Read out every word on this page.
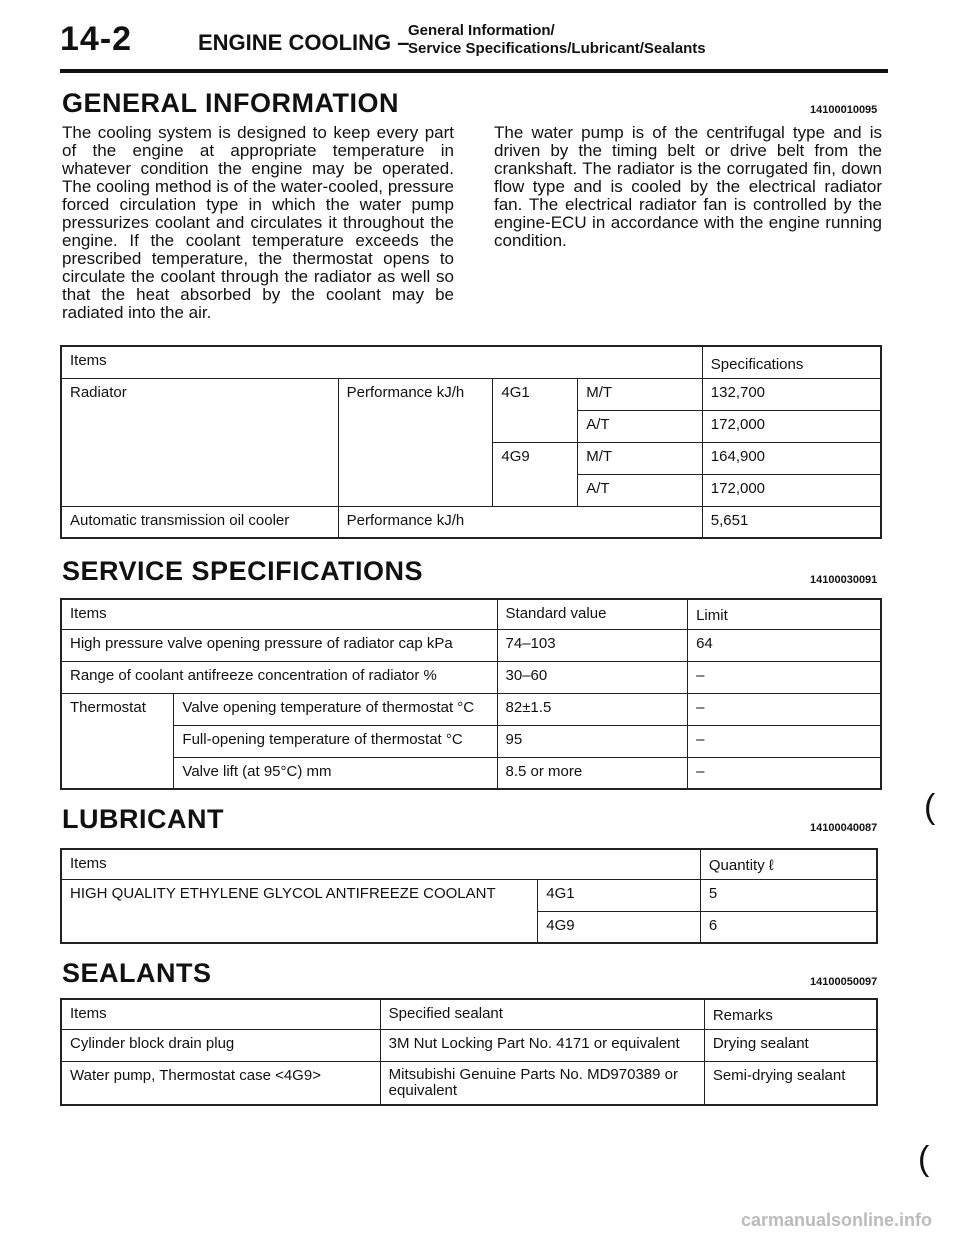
14-2	ENGINE COOLING –
General Information/
Service Specifications/Lubricant/Sealants
GENERAL INFORMATION	14100010095
The cooling system is designed to keep every part of the engine at appropriate temperature in whatever condition the engine may be operated. The cooling method is of the water-cooled, pressure forced circulation type in which the water pump pressurizes coolant and circulates it throughout the engine. If the coolant temperature exceeds the prescribed temperature, the thermostat opens to circulate the coolant through the radiator as well so that the heat absorbed by the coolant may be radiated into the air.
The water pump is of the centrifugal type and is driven by the timing belt or drive belt from the crankshaft. The radiator is the corrugated fin, down flow type and is cooled by the electrical radiator fan. The electrical radiator fan is controlled by the engine-ECU in accordance with the engine running condition.
Items				Specifications
Radiator	Performance kJ/h	4G1	M/T	132,700
			A/T	172,000
		4G9	M/T	164,900
			A/T	172,000
Automatic transmission oil cooler	Performance kJ/h			5,651
SERVICE SPECIFICATIONS	14100030091
Items		Standard value	Limit
High pressure valve opening pressure of radiator cap kPa		74–103	64
Range of coolant antifreeze concentration of radiator %		30–60	–
Thermostat	Valve opening temperature of thermostat °C	82±1.5	–
	Full-opening temperature of thermostat °C	95	–
	Valve lift (at 95°C) mm	8.5 or more	–
LUBRICANT	14100040087
(
Items		Quantity ℓ
HIGH QUALITY ETHYLENE GLYCOL ANTIFREEZE COOLANT	4G1	5
	4G9	6
SEALANTS	14100050097
Items	Specified sealant	Remarks
Cylinder block drain plug	3M Nut Locking Part No. 4171 or equivalent	Drying sealant
Water pump, Thermostat case <4G9>	Mitsubishi Genuine Parts No. MD970389 or equivalent	Semi-drying sealant
(
carmanualsonline.info
